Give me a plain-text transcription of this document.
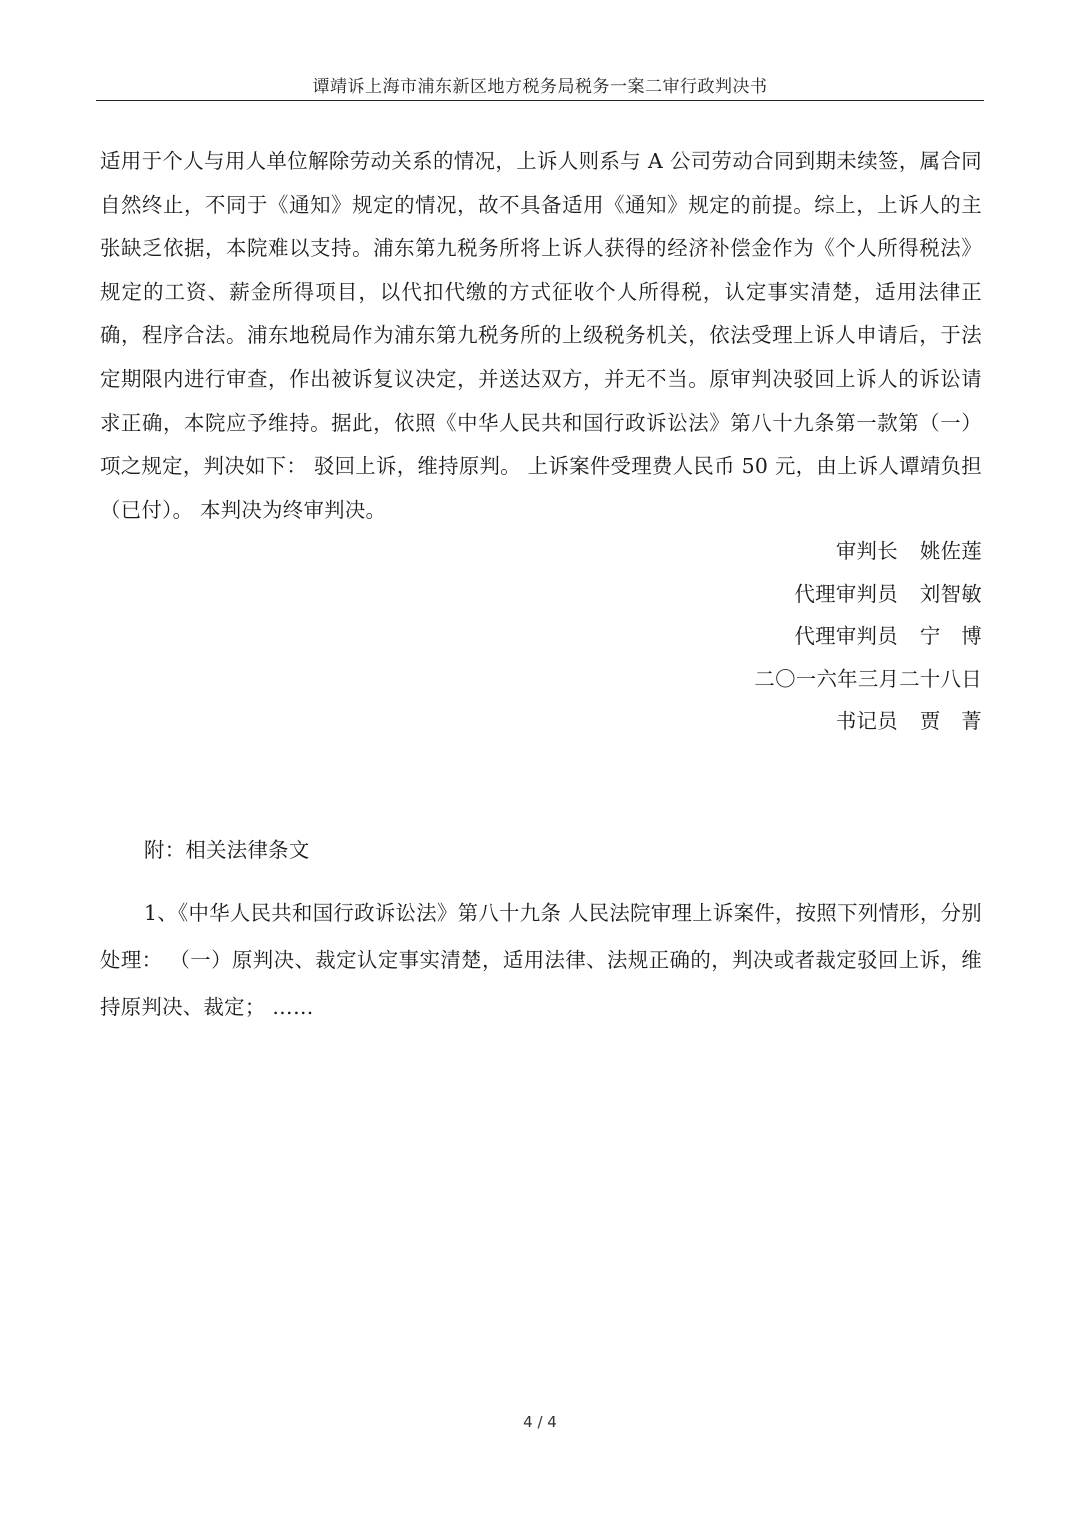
谭靖诉上海市浦东新区地方税务局税务一案二审行政判决书

适用于个人与用人单位解除劳动关系的情况，上诉人则系与 A 公司劳动合同到期未续签，属合同自然终止，不同于《通知》规定的情况，故不具备适用《通知》规定的前提。综上，上诉人的主张缺乏依据，本院难以支持。浦东第九税务所将上诉人获得的经济补偿金作为《个人所得税法》规定的工资、薪金所得项目，以代扣代缴的方式征收个人所得税，认定事实清楚，适用法律正确，程序合法。浦东地税局作为浦东第九税务所的上级税务机关，依法受理上诉人申请后，于法定期限内进行审查，作出被诉复议决定，并送达双方，并无不当。原审判决驳回上诉人的诉讼请求正确，本院应予维持。据此，依照《中华人民共和国行政诉讼法》第八十九条第一款第（一）项之规定，判决如下： 驳回上诉，维持原判。 上诉案件受理费人民币 50 元，由上诉人谭靖负担（已付）。 本判决为终审判决。

审判长 姚佐莲
代理审判员 刘智敏
代理审判员 宁　博
二〇一六年三月二十八日
书记员 贾　菁
附：相关法律条文
1、《中华人民共和国行政诉讼法》第八十九条 人民法院审理上诉案件，按照下列情形，分别处理： （一）原判决、裁定认定事实清楚，适用法律、法规正确的，判决或者裁定驳回上诉，维持原判决、裁定； ……
4 / 4
